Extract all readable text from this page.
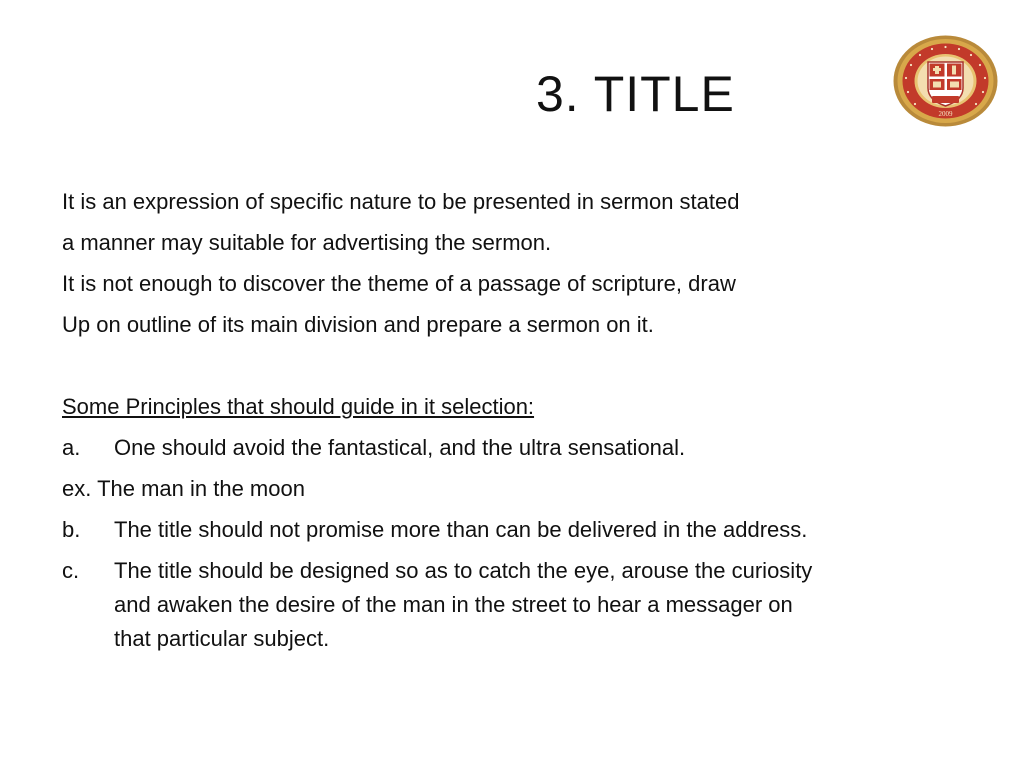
3. TITLE	2009
It is an expression of specific nature to be presented in sermon stated
a manner may suitable for advertising the sermon.
It is not enough to discover the theme of a passage of scripture, draw
Up on outline of its main division and prepare a sermon on it.
Some Principles that should guide in it selection:
a. One should avoid the fantastical, and the ultra sensational.
ex. The man in the moon
b. The title should not promise more than can be delivered in the address.
c. The title should be designed so as to catch the eye, arouse the curiosity
and awaken the desire of the man in the street to hear a messager on
that particular subject.
